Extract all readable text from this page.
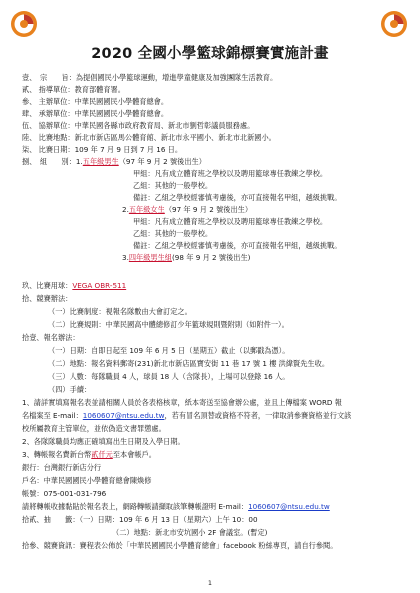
2020 全國小學籃球錦標賽實施計畫
壹、　宗　　旨：為提倡國民小學籃球運動，增進學童健康及加強團隊生活教育。
貳、 指導單位：教育部體育署。
參、 主辦單位：中華民國國民小學體育總會。
肆、 承辦單位：中華民國國民小學體育總會。
伍、 協辦單位：中華民國各縣市政府教育局、新北市劉哲彰議員服務處。
陸、 比賽地點：新北市新店區馬公體育館、新北市永平國小、新北市北新國小。
柒、 比賽日期：109 年 7 月 9 日到 7 月 16 日。
捌、　組　　別：1.五年級男生（97 年 9 月 2 號後出生）
甲組：凡有成立體育班之學校以及聘用籃球專任教練之學校。
乙組：其他的一般學校。
備註：乙組之學校經審慎考慮後，亦可直接報名甲組，越級挑戰。
2.五年級女生（97 年 9 月 2 號後出生）
甲組：凡有成立體育班之學校以及聘用籃球專任教練之學校。
乙組：其他的一般學校。
備註：乙組之學校經審慎考慮後，亦可直接報名甲組，越級挑戰。
3.四年級男生組(98 年 9 月 2 號後出生)
玖、比賽用球：VEGA OBR-511
拾、競賽辦法：
（一）比賽制度：視報名隊數由大會訂定之。
（二）比賽規則：中華民國高中體總修訂少年籃球規則暨附則（如附件一）。
拾壹、報名辦法：
（一）日期：自即日起至 109 年 6 月 5 日（星期五）截止（以郵戳為憑）。
（二）地點：報名資料郵寄(231)新北市新店區寶安街 11 巷 17 號 1 樓 洪緯賢先生收。
（三）人數：每隊職員 4 人，球員 18 人（含隊長），上場可以登錄 16 人。
（四）手續：
1、請詳實填寫報名表並請相關人員於各表格核章，紙本寄送至協會辦公處，並且上傳檔案 WORD 報
名檔案至 E-mail：1060607@ntsu.edu.tw，若有冒名頂替或資格不符者，一律取消參賽資格並行文該
校所屬教育主管單位，並依偽造文書罪懲處。
2、各隊隊職員均應正確填寫出生日期及入學日期。
3、轉帳報名費新台幣貳仟元至本會帳戶。
銀行：台灣銀行新店分行
戶名：中華民國國民小學體育總會陳煥修
帳號：075-001-031-796
請將轉帳收據黏貼於報名表上，網路轉帳請擷取該筆轉帳證明 E-mail：1060607@ntsu.edu.tw
拾貳、抽　　籤：（一）日期：109 年 6 月 13 日（星期六）上午 10：00
（二）地點：新北市安坑國小 2F 會議室。(暫定)
拾參、競賽資訊：賽程表公佈於「中華民國國民小學體育總會」facebook 粉絲專頁，請自行參閱。
1
